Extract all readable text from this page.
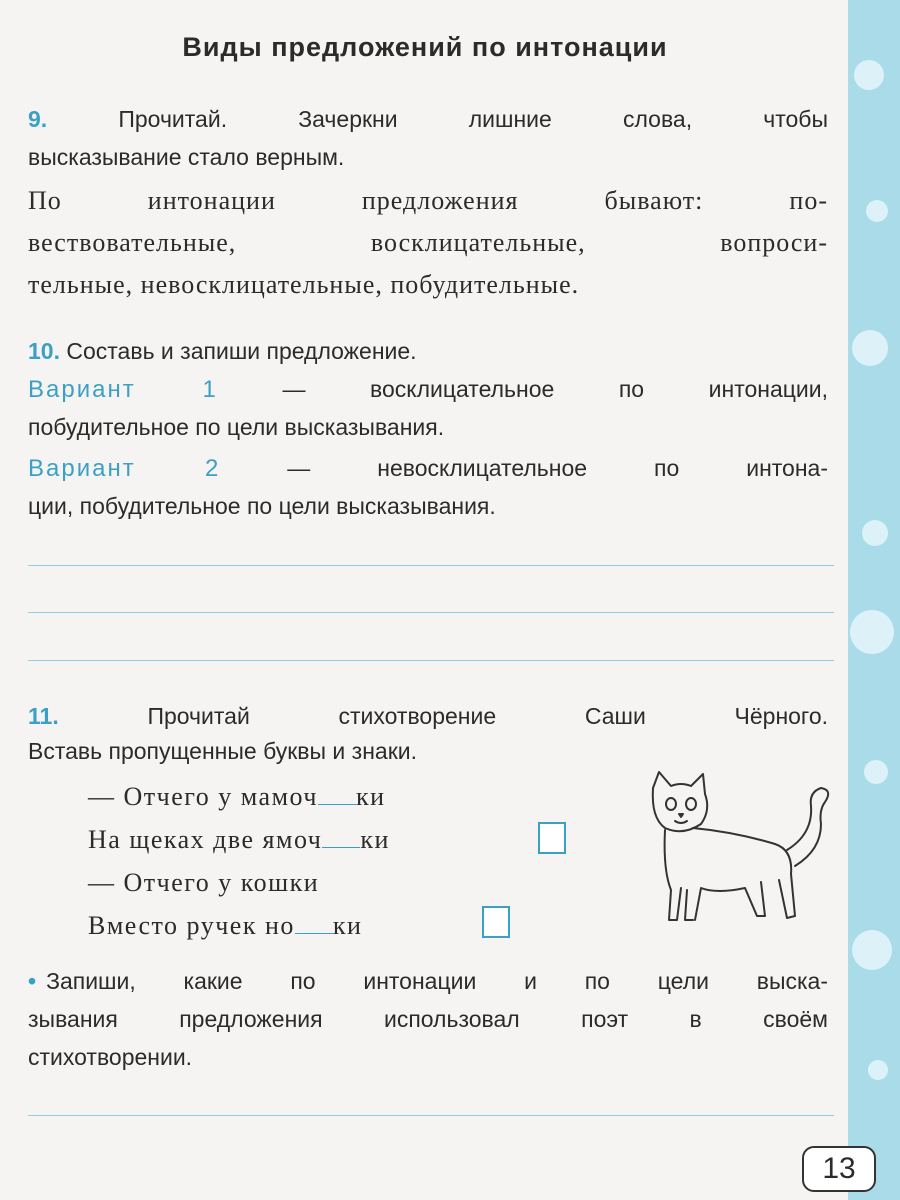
Виды предложений по интонации
9.	Прочитай. Зачеркни лишние слова, чтобы
высказывание стало верным.
По интонации предложения бывают: по-
вествовательные, восклицательные, вопроси-
тельные, невосклицательные, побудительные.
10. Составь и запиши предложение.
Вариант 1 — восклицательное по интонации,
побудительное по цели высказывания.
Вариант 2 — невосклицательное по интона-
ции, побудительное по цели высказывания.
11.	Прочитай стихотворение Саши Чёрного.
Вставь пропущенные буквы и знаки.
— Отчего у мамоч ки
На щеках две ямоч ки
— Отчего у кошки
Вместо ручек но ки
• Запиши, какие по интонации и по цели выска-
зывания предложения использовал поэт в своём
стихотворении.
13
